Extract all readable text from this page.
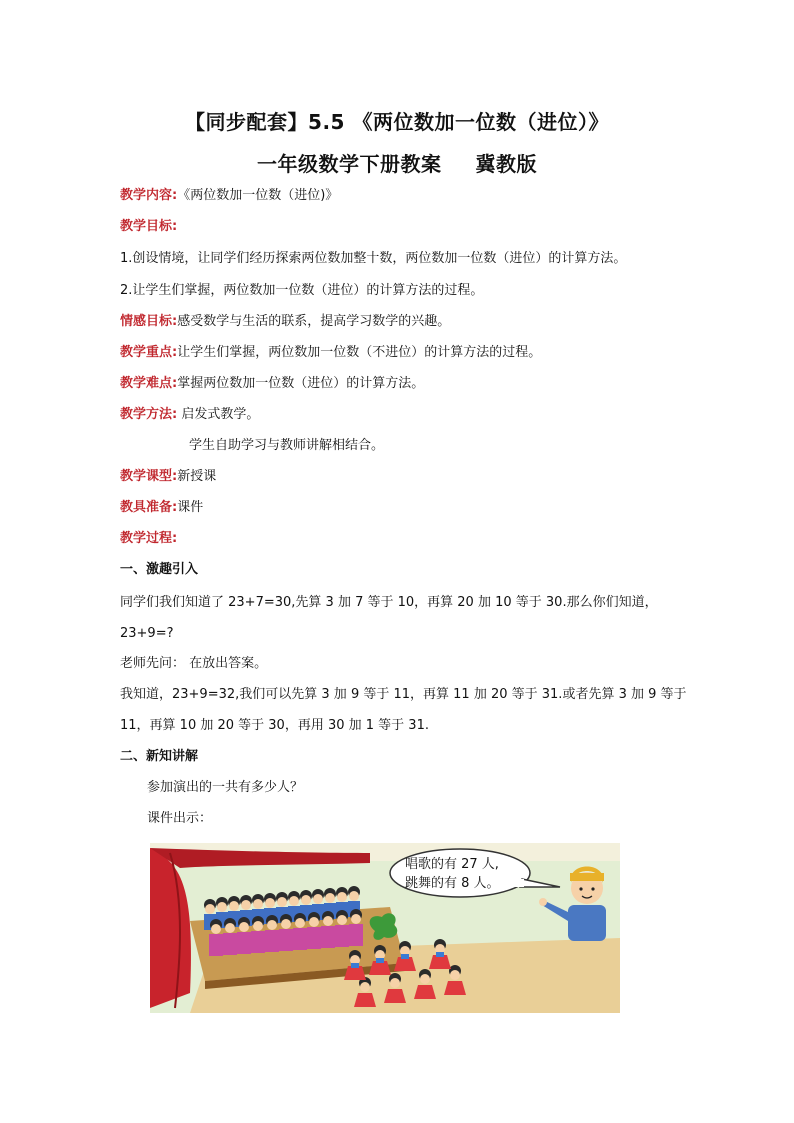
【同步配套】5.5 《两位数加一位数（进位）》
一年级数学下册教案 冀教版
教学内容:《两位数加一位数（进位)》
教学目标:
1.创设情境，让同学们经历探索两位数加整十数，两位数加一位数（进位）的计算方法。
2.让学生们掌握，两位数加一位数（进位）的计算方法的过程。
情感目标:感受数学与生活的联系，提高学习数学的兴趣。
教学重点:让学生们掌握，两位数加一位数（不进位）的计算方法的过程。
教学难点:掌握两位数加一位数（进位）的计算方法。
教学方法: 启发式教学。
学生自助学习与教师讲解相结合。
教学课型:新授课
教具准备:课件
教学过程:
一、激趣引入
同学们我们知道了 23+7=30,先算 3 加 7 等于 10，再算 20 加 10 等于 30.那么你们知道，
23+9=?
老师先问： 在放出答案。
我知道，23+9=32,我们可以先算 3 加 9 等于 11，再算 11 加 20 等于 31.或者先算 3 加 9 等于
11，再算 10 加 20 等于 30，再用 30 加 1 等于 31.
二、新知讲解
参加演出的一共有多少人？
课件出示：
唱歌的有 27 人,
跳舞的有 8 人。
